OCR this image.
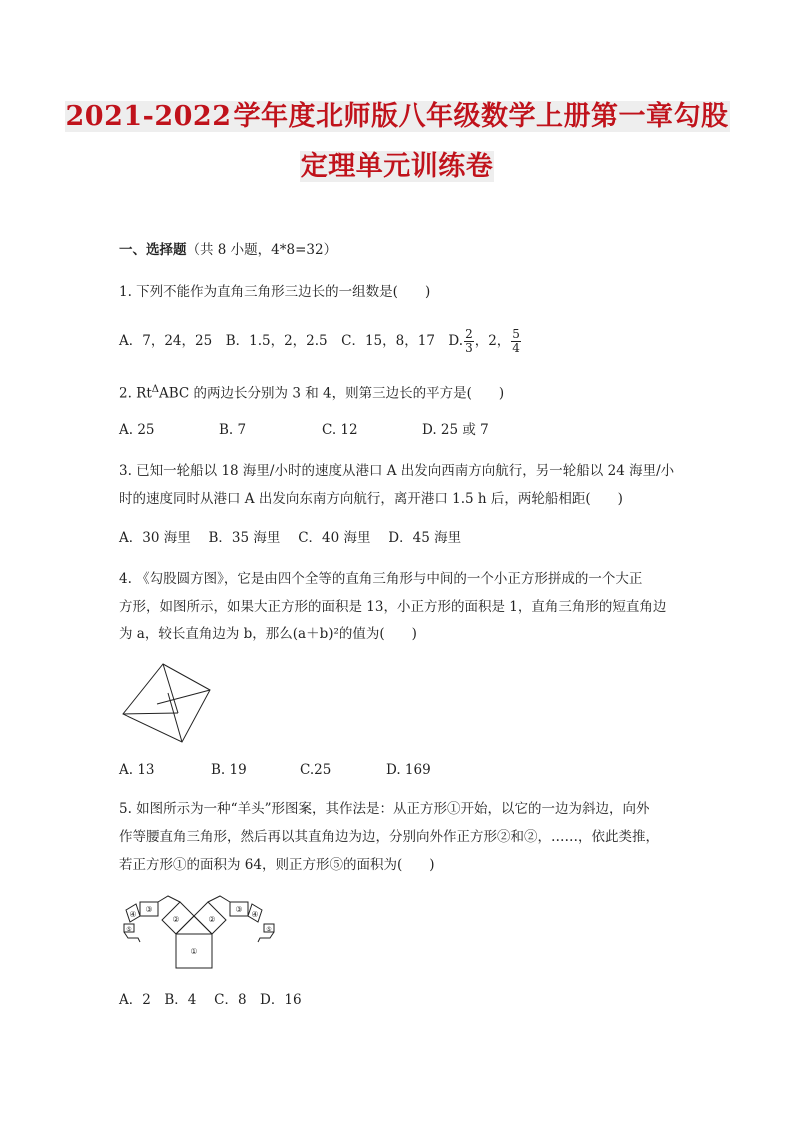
2021-2022学年度北师版八年级数学上册第一章勾股
定理单元训练卷
一、选择题（共 8 小题，4*8=32）
1. 下列不能作为直角三角形三边长的一组数是(　　)
A．7，24，25　B．1.5，2，2.5　C．15，8，17　D. $\frac{2}{3}$ ，2， $\frac{5}{4}$
2. $Rt^\Delta ABC$ 的两边长分别为 3 和 4，则第三边长的平方是(　　)
A. 25	B. 7	C. 12	D. 25 或 7
3. 已知一轮船以 18 海里/小时的速度从港口 A 出发向西南方向航行，另一轮船以 24 海里/小
时的速度同时从港口 A 出发向东南方向航行，离开港口 1.5 h 后，两轮船相距(　　)
A．30 海里　 B．35 海里　 C．40 海里　 D．45 海里
4. 《勾股圆方图》，它是由四个全等的直角三角形与中间的一个小正方形拼成的一个大正
方形，如图所示，如果大正方形的面积是 13，小正方形的面积是 1，直角三角形的短直角边
为 a，较长直角边为 b，那么(a＋b)²的值为(　　)
A. 13	B. 19	C.25	D. 169
5. 如图所示为一种“羊头”形图案，其作法是：从正方形①开始，以它的一边为斜边，向外
作等腰直角三角形，然后再以其直角边为边，分别向外作正方形②和②，……，依此类推，
若正方形①的面积为 64，则正方形⑤的面积为(　　)
①
②	②
③	③
④	④
⑤	⑤
A．2　B．4　 C．8　D．16
